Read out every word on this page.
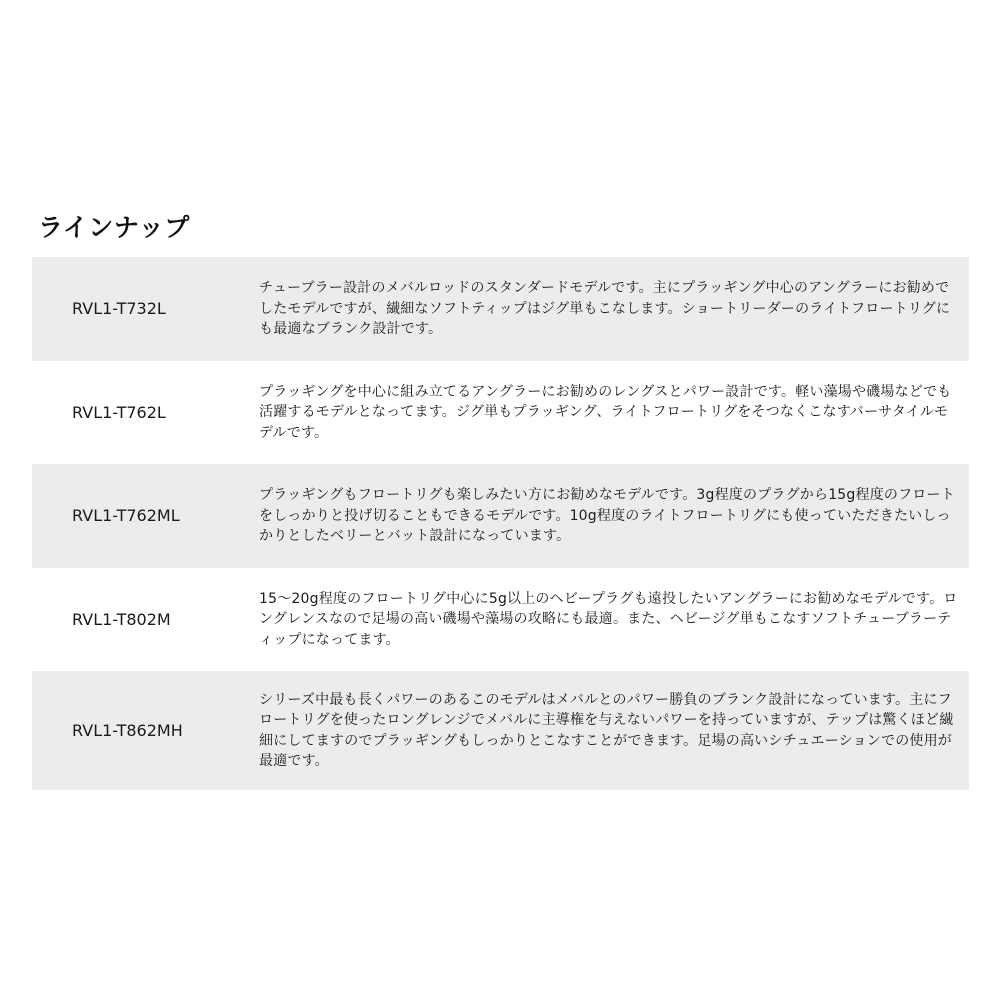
ラインナップ
RVL1-T732L
チューブラー設計のメバルロッドのスタンダードモデルです。主にプラッギング中心のアングラーにお勧めでしたモデルですが、繊細なソフトティップはジグ単もこなします。ショートリーダーのライトフロートリグにも最適なブランク設計です。
RVL1-T762L
プラッギングを中心に組み立てるアングラーにお勧めのレングスとパワー設計です。軽い藻場や磯場などでも活躍するモデルとなってます。ジグ単もプラッギング、ライトフロートリグをそつなくこなすバーサタイルモデルです。
RVL1-T762ML
プラッギングもフロートリグも楽しみたい方にお勧めなモデルです。3g程度のプラグから15g程度のフロートをしっかりと投げ切ることもできるモデルです。10g程度のライトフロートリグにも使っていただきたいしっかりとしたベリーとバット設計になっています。
RVL1-T802M
15〜20g程度のフロートリグ中心に5g以上のヘビープラグも遠投したいアングラーにお勧めなモデルです。ロングレンスなので足場の高い磯場や藻場の攻略にも最適。また、ヘビージグ単もこなすソフトチューブラーティップになってます。
RVL1-T862MH
シリーズ中最も長くパワーのあるこのモデルはメバルとのパワー勝負のブランク設計になっています。主にフロートリグを使ったロングレンジでメバルに主導権を与えないパワーを持っていますが、テップは驚くほど繊細にしてますのでプラッギングもしっかりとこなすことができます。足場の高いシチュエーションでの使用が最適です。
